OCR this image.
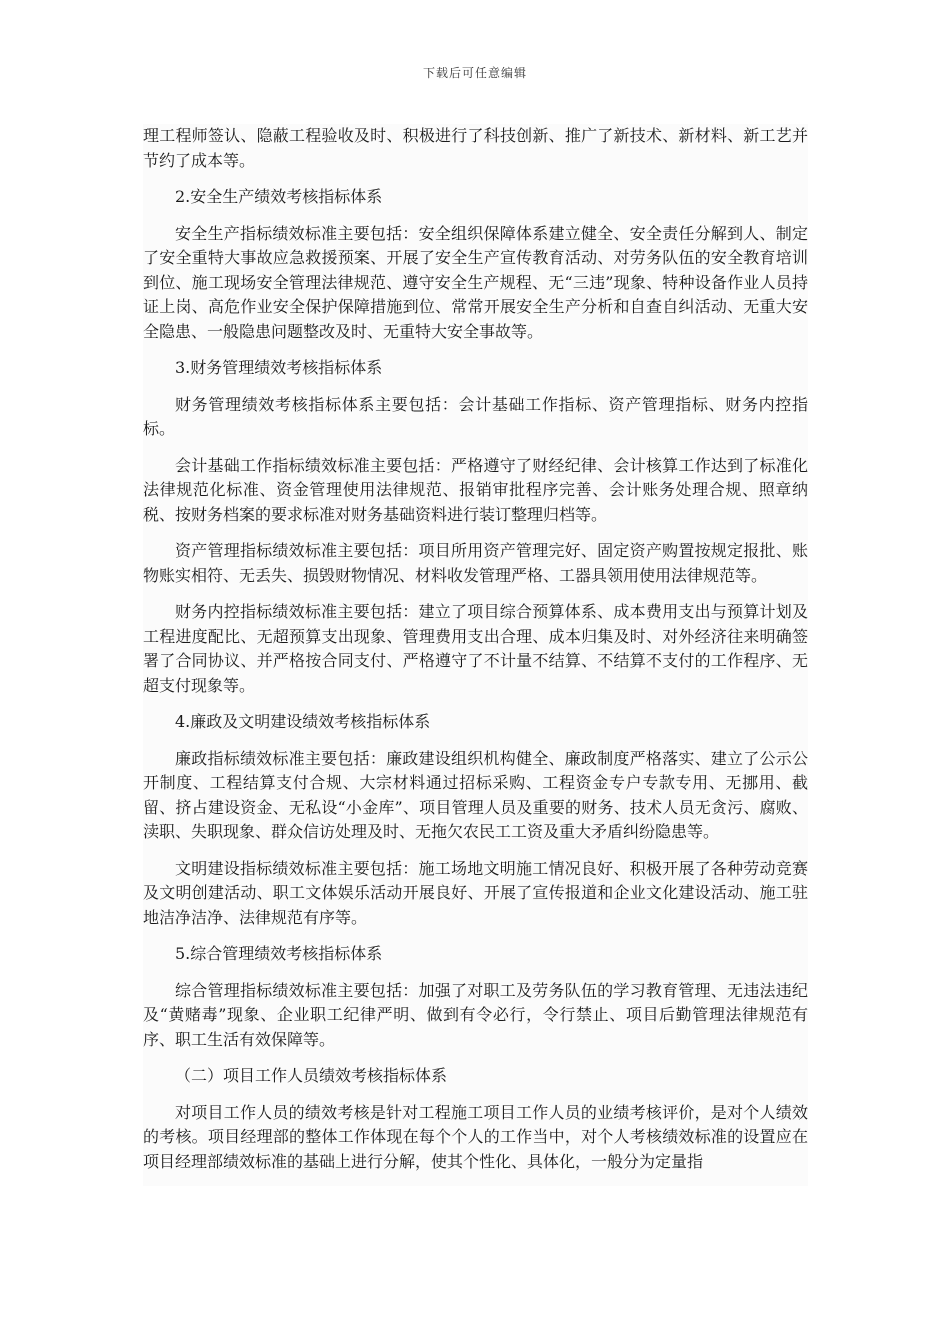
下载后可任意编辑

理工程师签认、隐蔽工程验收及时、积极进行了科技创新、推广了新技术、新材料、新工艺并节约了成本等。

2.安全生产绩效考核指标体系

安全生产指标绩效标准主要包括：安全组织保障体系建立健全、安全责任分解到人、制定了安全重特大事故应急救援预案、开展了安全生产宣传教育活动、对劳务队伍的安全教育培训到位、施工现场安全管理法律规范、遵守安全生产规程、无“三违”现象、特种设备作业人员持证上岗、高危作业安全保护保障措施到位、常常开展安全生产分析和自查自纠活动、无重大安全隐患、一般隐患问题整改及时、无重特大安全事故等。

3.财务管理绩效考核指标体系

财务管理绩效考核指标体系主要包括：会计基础工作指标、资产管理指标、财务内控指标。

会计基础工作指标绩效标准主要包括：严格遵守了财经纪律、会计核算工作达到了标准化法律规范化标准、资金管理使用法律规范、报销审批程序完善、会计账务处理合规、照章纳税、按财务档案的要求标准对财务基础资料进行装订整理归档等。

资产管理指标绩效标准主要包括：项目所用资产管理完好、固定资产购置按规定报批、账物账实相符、无丢失、损毁财物情况、材料收发管理严格、工器具领用使用法律规范等。

财务内控指标绩效标准主要包括：建立了项目综合预算体系、成本费用支出与预算计划及工程进度配比、无超预算支出现象、管理费用支出合理、成本归集及时、对外经济往来明确签署了合同协议、并严格按合同支付、严格遵守了不计量不结算、不结算不支付的工作程序、无超支付现象等。

4.廉政及文明建设绩效考核指标体系

廉政指标绩效标准主要包括：廉政建设组织机构健全、廉政制度严格落实、建立了公示公开制度、工程结算支付合规、大宗材料通过招标采购、工程资金专户专款专用、无挪用、截留、挤占建设资金、无私设“小金库”、项目管理人员及重要的财务、技术人员无贪污、腐败、渎职、失职现象、群众信访处理及时、无拖欠农民工工资及重大矛盾纠纷隐患等。

文明建设指标绩效标准主要包括：施工场地文明施工情况良好、积极开展了各种劳动竞赛及文明创建活动、职工文体娱乐活动开展良好、开展了宣传报道和企业文化建设活动、施工驻地洁净洁净、法律规范有序等。

5.综合管理绩效考核指标体系

综合管理指标绩效标准主要包括：加强了对职工及劳务队伍的学习教育管理、无违法违纪及“黄赌毒”现象、企业职工纪律严明、做到有令必行，令行禁止、项目后勤管理法律规范有序、职工生活有效保障等。

（二）项目工作人员绩效考核指标体系

对项目工作人员的绩效考核是针对工程施工项目工作人员的业绩考核评价，是对个人绩效的考核。项目经理部的整体工作体现在每个个人的工作当中，对个人考核绩效标准的设置应在项目经理部绩效标准的基础上进行分解，使其个性化、具体化，一般分为定量指
